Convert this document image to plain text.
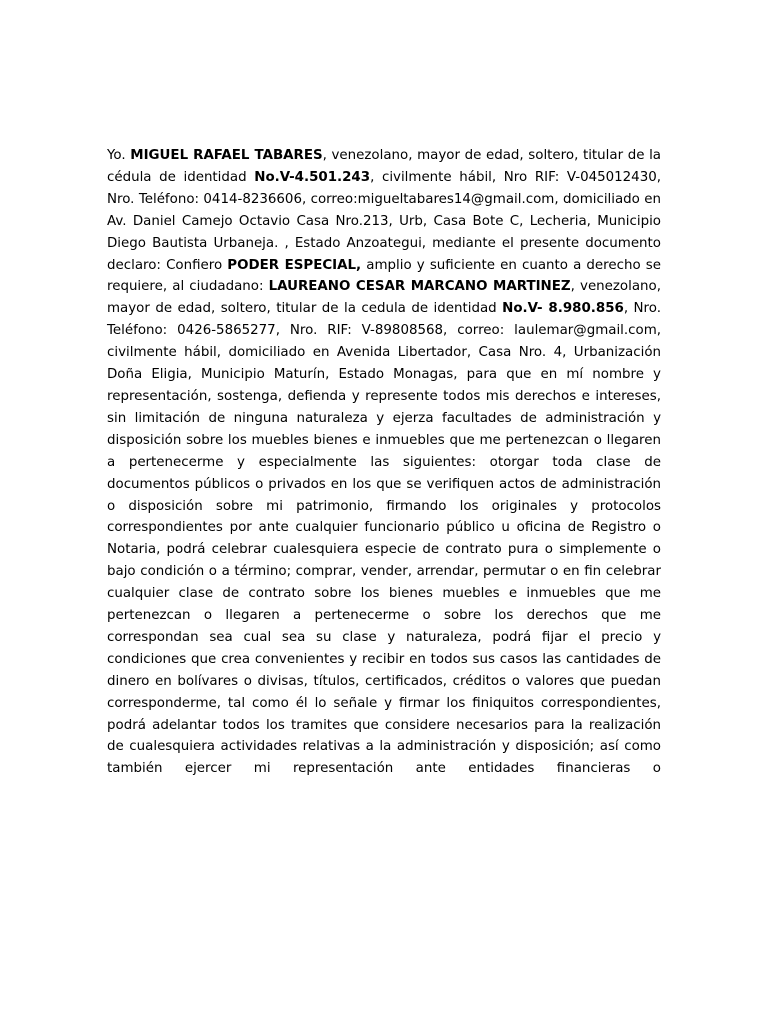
Yo. MIGUEL RAFAEL TABARES, venezolano, mayor de edad, soltero, titular de la cédula de identidad No.V-4.501.243, civilmente hábil, Nro RIF: V-045012430, Nro. Teléfono: 0414-8236606, correo:migueltabares14@gmail.com, domiciliado en Av. Daniel Camejo Octavio Casa Nro.213, Urb, Casa Bote C, Lecheria, Municipio Diego Bautista Urbaneja. , Estado Anzoategui, mediante el presente documento declaro: Confiero PODER ESPECIAL, amplio y suficiente en cuanto a derecho se requiere, al ciudadano: LAUREANO CESAR MARCANO MARTINEZ, venezolano, mayor de edad, soltero, titular de la cedula de identidad No.V- 8.980.856, Nro. Teléfono: 0426-5865277, Nro. RIF: V-89808568, correo: laulemar@gmail.com, civilmente hábil, domiciliado en Avenida Libertador, Casa Nro. 4, Urbanización Doña Eligia, Municipio Maturín, Estado Monagas, para que en mí nombre y representación, sostenga, defienda y represente todos mis derechos e intereses, sin limitación de ninguna naturaleza y ejerza facultades de administración y disposición sobre los muebles bienes e inmuebles que me pertenezcan o llegaren a pertenecerme y especialmente las siguientes: otorgar toda clase de documentos públicos o privados en los que se verifiquen actos de administración o disposición sobre mi patrimonio, firmando los originales y protocolos correspondientes por ante cualquier funcionario público u oficina de Registro o Notaria, podrá celebrar cualesquiera especie de contrato pura o simplemente o bajo condición o a término; comprar, vender, arrendar, permutar o en fin celebrar cualquier clase de contrato sobre los bienes muebles e inmuebles que me pertenezcan o llegaren a pertenecerme o sobre los derechos que me correspondan sea cual sea su clase y naturaleza, podrá fijar el precio y condiciones que crea convenientes y recibir en todos sus casos las cantidades de dinero en bolívares o divisas, títulos, certificados, créditos o valores que puedan corresponderme, tal como él lo señale y firmar los finiquitos correspondientes, podrá adelantar todos los tramites que considere necesarios para la realización de cualesquiera actividades relativas a la administración y disposición; así como también ejercer mi representación ante entidades financieras o
